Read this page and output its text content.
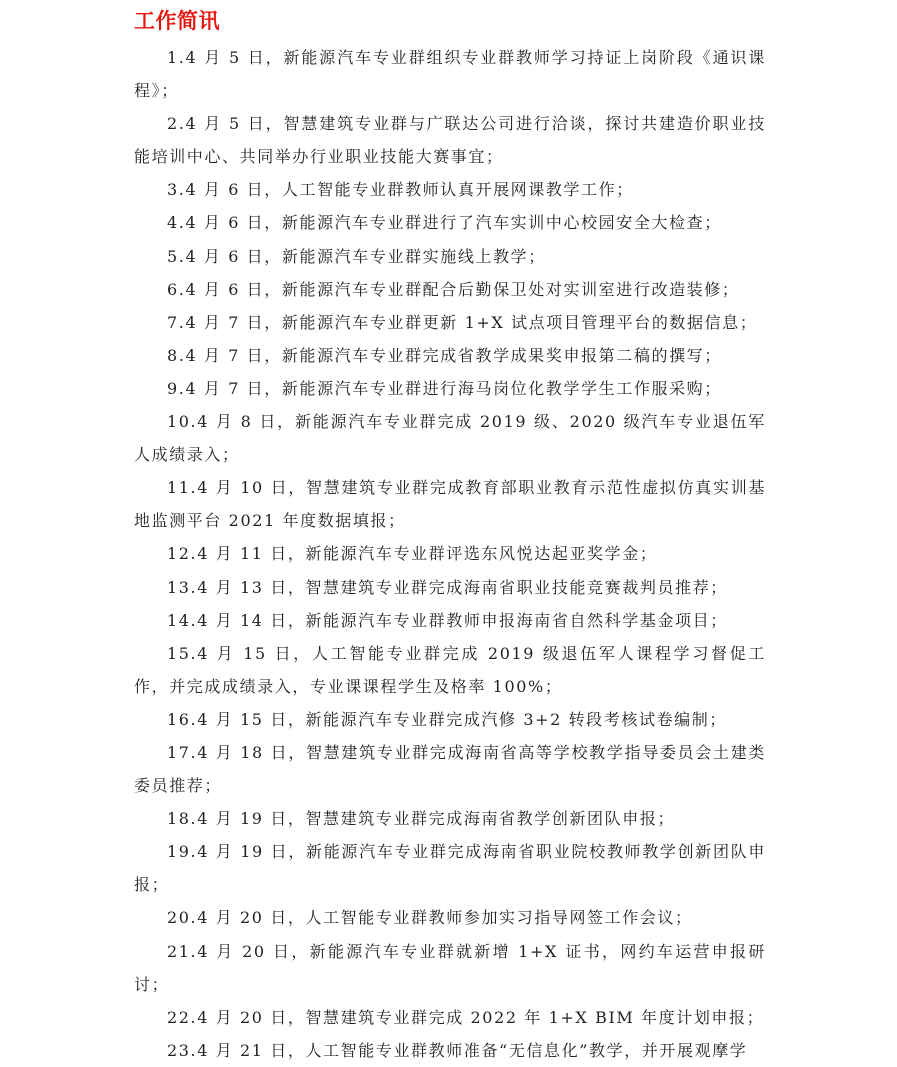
工作简讯
1.4 月 5 日，新能源汽车专业群组织专业群教师学习持证上岗阶段《通识课程》；
2.4 月 5 日，智慧建筑专业群与广联达公司进行洽谈，探讨共建造价职业技能培训中心、共同举办行业职业技能大赛事宜；
3.4 月 6 日，人工智能专业群教师认真开展网课教学工作；
4.4 月 6 日，新能源汽车专业群进行了汽车实训中心校园安全大检查；
5.4 月 6 日，新能源汽车专业群实施线上教学；
6.4 月 6 日，新能源汽车专业群配合后勤保卫处对实训室进行改造装修；
7.4 月 7 日，新能源汽车专业群更新 1+X 试点项目管理平台的数据信息；
8.4 月 7 日，新能源汽车专业群完成省教学成果奖申报第二稿的撰写；
9.4 月 7 日，新能源汽车专业群进行海马岗位化教学学生工作服采购；
10.4 月 8 日，新能源汽车专业群完成 2019 级、2020 级汽车专业退伍军人成绩录入；
11.4 月 10 日，智慧建筑专业群完成教育部职业教育示范性虚拟仿真实训基地监测平台 2021 年度数据填报；
12.4 月 11 日，新能源汽车专业群评选东风悦达起亚奖学金；
13.4 月 13 日，智慧建筑专业群完成海南省职业技能竞赛裁判员推荐；
14.4 月 14 日，新能源汽车专业群教师申报海南省自然科学基金项目；
15.4 月 15 日，人工智能专业群完成 2019 级退伍军人课程学习督促工作，并完成成绩录入，专业课课程学生及格率 100%；
16.4 月 15 日，新能源汽车专业群完成汽修 3+2 转段考核试卷编制；
17.4 月 18 日，智慧建筑专业群完成海南省高等学校教学指导委员会土建类委员推荐；
18.4 月 19 日，智慧建筑专业群完成海南省教学创新团队申报；
19.4 月 19 日，新能源汽车专业群完成海南省职业院校教师教学创新团队申报；
20.4 月 20 日，人工智能专业群教师参加实习指导网签工作会议；
21.4 月 20 日，新能源汽车专业群就新增 1+X 证书，网约车运营申报研讨；
22.4 月 20 日，智慧建筑专业群完成 2022 年 1+X BIM 年度计划申报；
23.4 月 21 日，人工智能专业群教师准备“无信息化”教学，并开展观摩学
